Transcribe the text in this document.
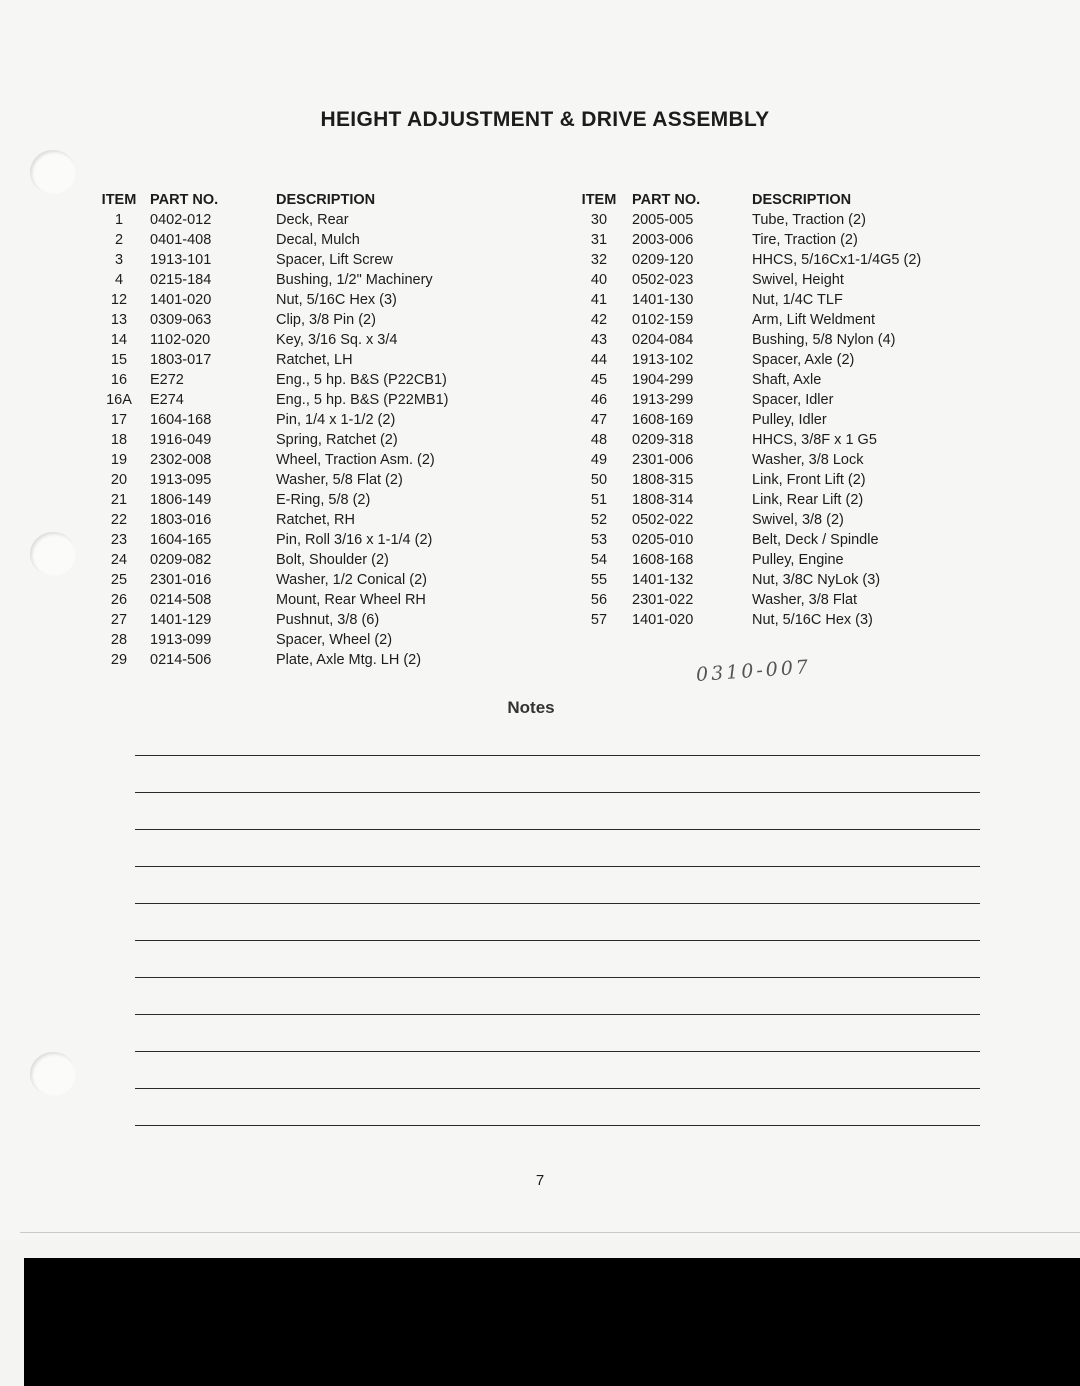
HEIGHT ADJUSTMENT & DRIVE ASSEMBLY
ITEM	PART NO.	DESCRIPTION
1	0402-012	Deck, Rear
2	0401-408	Decal, Mulch
3	1913-101	Spacer, Lift Screw
4	0215-184	Bushing, 1/2" Machinery
12	1401-020	Nut, 5/16C Hex (3)
13	0309-063	Clip, 3/8 Pin (2)
14	1102-020	Key, 3/16 Sq. x 3/4
15	1803-017	Ratchet, LH
16	E272	Eng., 5 hp. B&S (P22CB1)
16A	E274	Eng., 5 hp. B&S (P22MB1)
17	1604-168	Pin, 1/4 x 1-1/2 (2)
18	1916-049	Spring, Ratchet (2)
19	2302-008	Wheel, Traction Asm. (2)
20	1913-095	Washer, 5/8 Flat (2)
21	1806-149	E-Ring, 5/8 (2)
22	1803-016	Ratchet, RH
23	1604-165	Pin, Roll 3/16 x 1-1/4 (2)
24	0209-082	Bolt, Shoulder (2)
25	2301-016	Washer, 1/2 Conical (2)
26	0214-508	Mount, Rear Wheel RH
27	1401-129	Pushnut, 3/8 (6)
28	1913-099	Spacer, Wheel (2)
29	0214-506	Plate, Axle Mtg. LH (2)
ITEM	PART NO.	DESCRIPTION
30	2005-005	Tube, Traction (2)
31	2003-006	Tire, Traction (2)
32	0209-120	HHCS, 5/16Cx1-1/4G5 (2)
40	0502-023	Swivel, Height
41	1401-130	Nut, 1/4C TLF
42	0102-159	Arm, Lift Weldment
43	0204-084	Bushing, 5/8 Nylon (4)
44	1913-102	Spacer, Axle (2)
45	1904-299	Shaft, Axle
46	1913-299	Spacer, Idler
47	1608-169	Pulley, Idler
48	0209-318	HHCS, 3/8F x 1 G5
49	2301-006	Washer, 3/8 Lock
50	1808-315	Link, Front Lift (2)
51	1808-314	Link, Rear Lift (2)
52	0502-022	Swivel, 3/8 (2)
53	0205-010	Belt, Deck / Spindle
54	1608-168	Pulley, Engine
55	1401-132	Nut, 3/8C NyLok (3)
56	2301-022	Washer, 3/8 Flat
57	1401-020	Nut, 5/16C Hex (3)
0310-007
Notes
7
